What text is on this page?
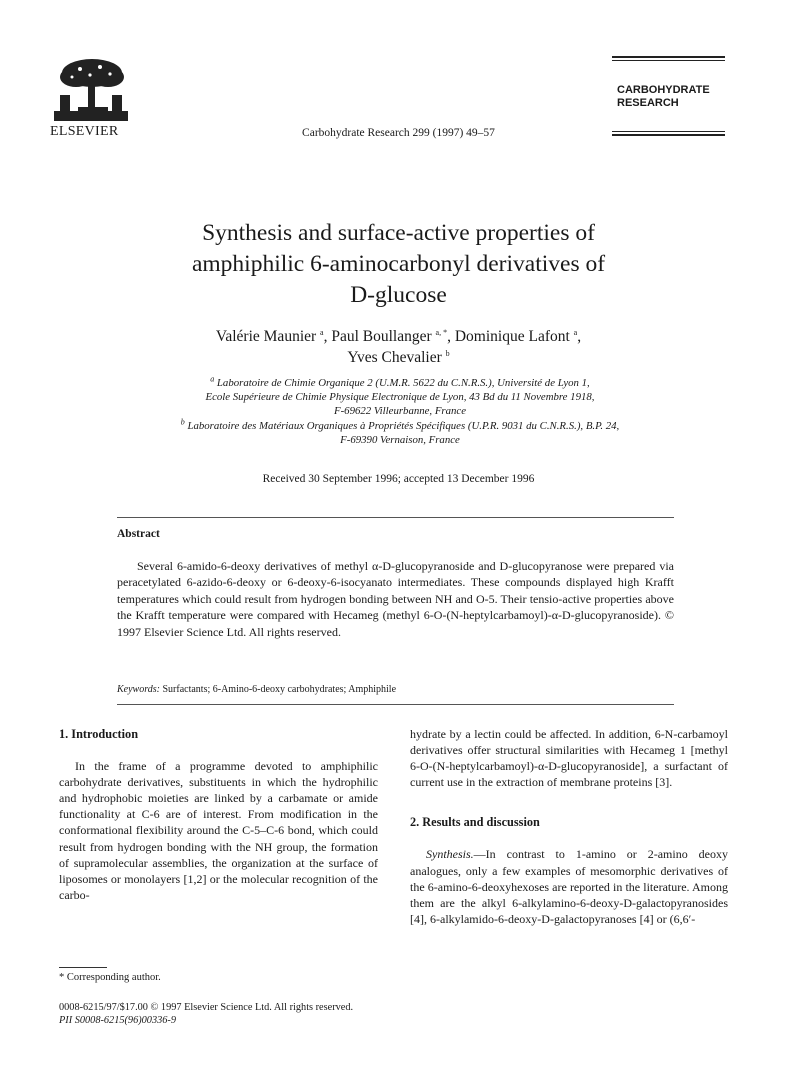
ELSEVIER	Carbohydrate Research 299 (1997) 49–57
CARBOHYDRATE
RESEARCH
Synthesis and surface-active properties of
amphiphilic 6-aminocarbonyl derivatives of
D-glucose
Valérie Maunier $^a$, Paul Boullanger $^{a, *}$, Dominique Lafont $^a$,
Yves Chevalier $^b$
$^a$ Laboratoire de Chimie Organique 2 (U.M.R. 5622 du C.N.R.S.), Université de Lyon 1,
Ecole Supérieure de Chimie Physique Electronique de Lyon, 43 Bd du 11 Novembre 1918,
F-69622 Villeurbanne, France
$^b$ Laboratoire des Matériaux Organiques à Propriétés Spécifiques (U.P.R. 9031 du C.N.R.S.), B.P. 24,
F-69390 Vernaison, France
Received 30 September 1996; accepted 13 December 1996
Abstract
Several 6-amido-6-deoxy derivatives of methyl α-D-glucopyranoside and D-glucopyranose were prepared via peracetylated 6-azido-6-deoxy or 6-deoxy-6-isocyanato intermediates. These compounds displayed high Krafft temperatures which could result from hydrogen bonding between NH and O-5. Their tensio-active properties above the Krafft temperature were compared with Hecameg (methyl 6-O-(N-heptylcarbamoyl)-α-D-glucopyranoside). © 1997 Elsevier Science Ltd. All rights reserved.
Keywords: Surfactants; 6-Amino-6-deoxy carbohydrates; Amphiphile
1. Introduction
In the frame of a programme devoted to amphiphilic carbohydrate derivatives, substituents in which the hydrophilic and hydrophobic moieties are linked by a carbamate or amide functionality at C-6 are of interest. From modification in the conformational flexibility around the C-5–C-6 bond, which could result from hydrogen bonding with the NH group, the formation of supramolecular assemblies, the organization at the surface of liposomes or monolayers [1,2] or the molecular recognition of the carbo-
hydrate by a lectin could be affected. In addition, 6-N-carbamoyl derivatives offer structural similarities with Hecameg 1 [methyl 6-O-(N-heptylcarbamoyl)-α-D-glucopyranoside], a surfactant of current use in the extraction of membrane proteins [3].
2. Results and discussion
Synthesis.—In contrast to 1-amino or 2-amino deoxy analogues, only a few examples of mesomorphic derivatives of the 6-amino-6-deoxyhexoses are reported in the literature. Among them are the alkyl 6-alkylamino-6-deoxy-D-galactopyranosides [4], 6-alkylamido-6-deoxy-D-galactopyranoses [4] or (6,6′-
* Corresponding author.
0008-6215/97/$17.00 © 1997 Elsevier Science Ltd. All rights reserved.
PII S0008-6215(96)00336-9
